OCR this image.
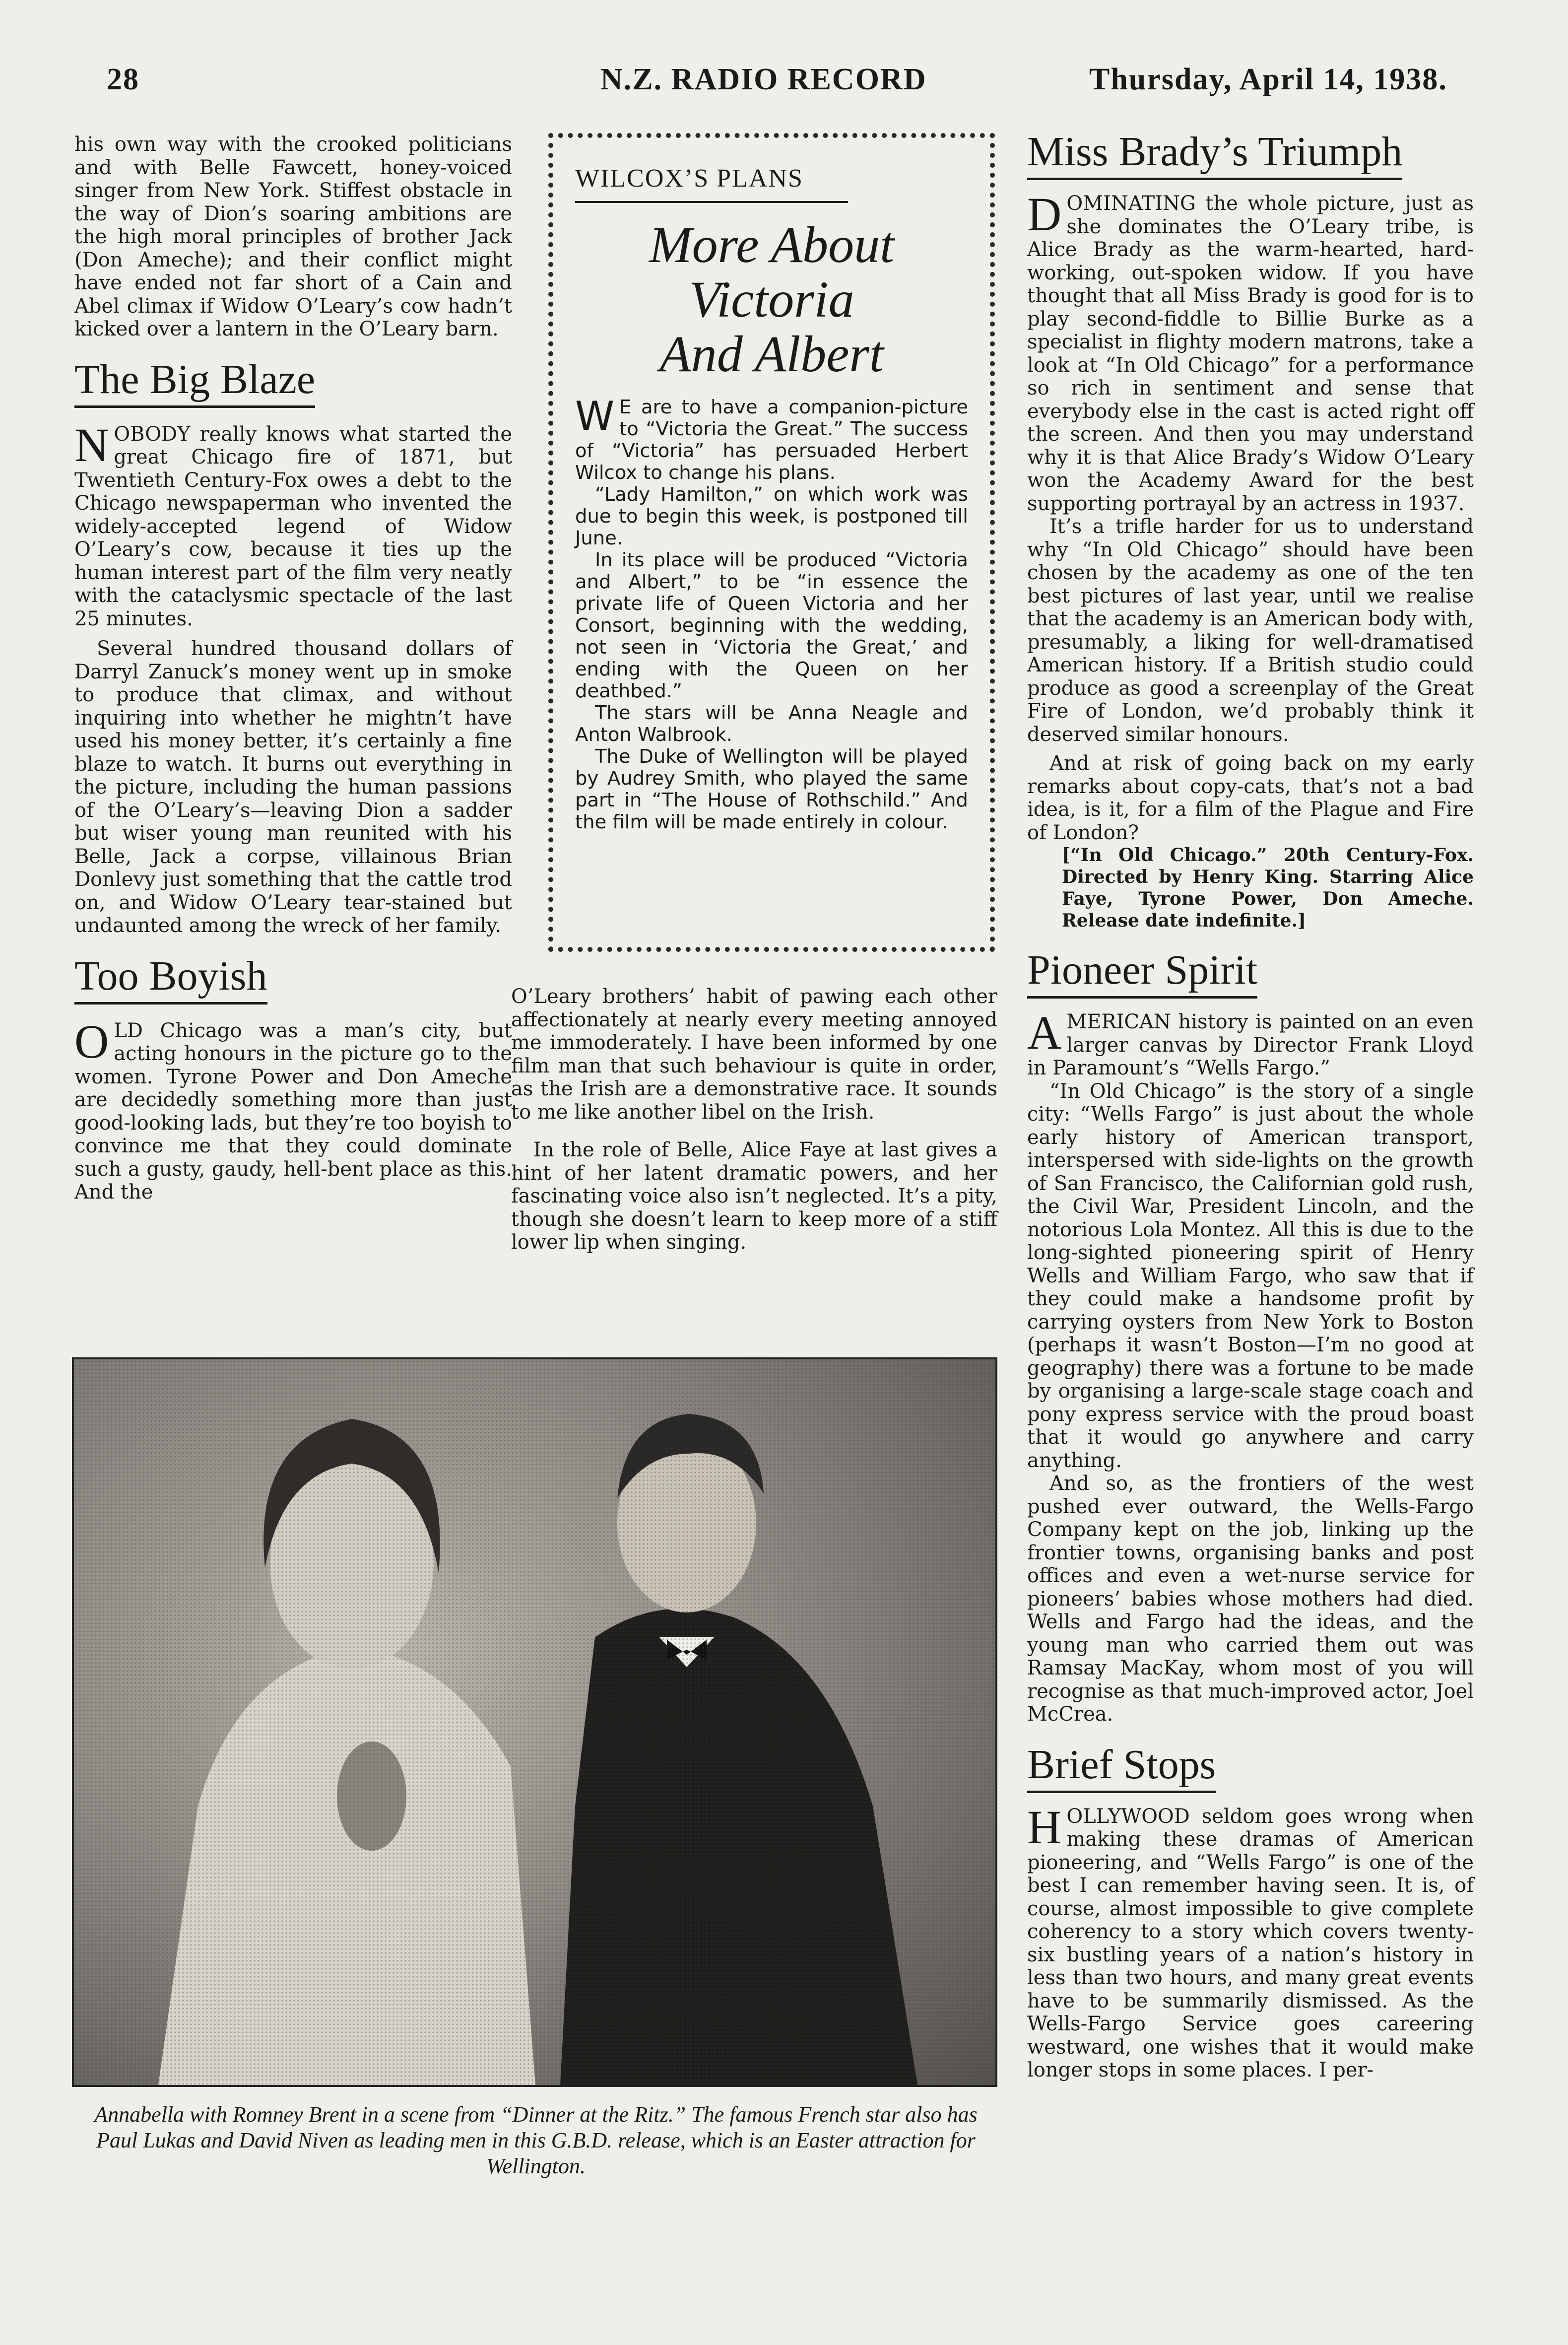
28	N.Z. RADIO RECORD	Thursday, April 14, 1938.

his own way with the crooked politicians and with Belle Fawcett, honey-voiced singer from New York. Stiffest obstacle in the way of Dion’s soaring ambitions are the high moral principles of brother Jack (Don Ameche); and their conflict might have ended not far short of a Cain and Abel climax if Widow O’Leary’s cow hadn’t kicked over a lantern in the O’Leary barn.

The Big Blaze

NOBODY really knows what started the great Chicago fire of 1871, but Twentieth Century-Fox owes a debt to the Chicago newspaperman who invented the widely-accepted legend of Widow O’Leary’s cow, because it ties up the human interest part of the film very neatly with the cataclysmic spectacle of the last 25 minutes.

Several hundred thousand dollars of Darryl Zanuck’s money went up in smoke to produce that climax, and without inquiring into whether he mightn’t have used his money better, it’s certainly a fine blaze to watch. It burns out everything in the picture, including the human passions of the O’Leary’s—leaving Dion a sadder but wiser young man reunited with his Belle, Jack a corpse, villainous Brian Donlevy just something that the cattle trod on, and Widow O’Leary tear-stained but undaunted among the wreck of her family.

Too Boyish

OLD Chicago was a man’s city, but acting honours in the picture go to the women. Tyrone Power and Don Ameche are decidedly something more than just good-looking lads, but they’re too boyish to convince me that they could dominate such a gusty, gaudy, hell-bent place as this. And the

WILCOX’S PLANS
More About Victoria
And Albert

W E are to have a companion-picture to “Victoria the Great.” The success of “Victoria” has persuaded Herbert Wilcox to change his plans.

“Lady Hamilton,” on which work was due to begin this week, is postponed till June.

In its place will be produced “Victoria and Albert,” to be “in essence the private life of Queen Victoria and her Consort, beginning with the wedding, not seen in ‘Victoria the Great,’ and ending with the Queen on her deathbed.”

The stars will be Anna Neagle and Anton Walbrook.

The Duke of Wellington will be played by Audrey Smith, who played the same part in “The House of Rothschild.” And the film will be made entirely in colour.

O’Leary brothers’ habit of pawing each other affectionately at nearly every meeting annoyed me immoderately. I have been informed by one film man that such behaviour is quite in order, as the Irish are a demonstrative race. It sounds to me like another libel on the Irish.

In the role of Belle, Alice Faye at last gives a hint of her latent dramatic powers, and her fascinating voice also isn’t neglected. It’s a pity, though she doesn’t learn to keep more of a stiff lower lip when singing.

Annabella with Romney Brent in a scene from “Dinner at the Ritz.” The famous French star also has Paul Lukas and David Niven as leading men in this G.B.D. release, which is an Easter attraction for Wellington.
Miss Brady’s Triumph

DOMINATING the whole picture, just as she dominates the O’Leary tribe, is Alice Brady as the warm-hearted, hard-working, out-spoken widow. If you have thought that all Miss Brady is good for is to play second-fiddle to Billie Burke as a specialist in flighty modern matrons, take a look at “In Old Chicago” for a performance so rich in sentiment and sense that everybody else in the cast is acted right off the screen. And then you may understand why it is that Alice Brady’s Widow O’Leary won the Academy Award for the best supporting portrayal by an actress in 1937.

It’s a trifle harder for us to understand why “In Old Chicago” should have been chosen by the academy as one of the ten best pictures of last year, until we realise that the academy is an American body with, presumably, a liking for well-dramatised American history. If a British studio could produce as good a screenplay of the Great Fire of London, we’d probably think it deserved similar honours.

And at risk of going back on my early remarks about copy-cats, that’s not a bad idea, is it, for a film of the Plague and Fire of London?

[“In Old Chicago.” 20th Century-Fox. Directed by Henry King. Starring Alice Faye, Tyrone Power, Don Ameche. Release date indefinite.]

Pioneer Spirit

AMERICAN history is painted on an even larger canvas by Director Frank Lloyd in Paramount’s “Wells Fargo.”

“In Old Chicago” is the story of a single city: “Wells Fargo” is just about the whole early history of American transport, interspersed with side-lights on the growth of San Francisco, the Californian gold rush, the Civil War, President Lincoln, and the notorious Lola Montez. All this is due to the long-sighted pioneering spirit of Henry Wells and William Fargo, who saw that if they could make a handsome profit by carrying oysters from New York to Boston (perhaps it wasn’t Boston—I’m no good at geography) there was a fortune to be made by organising a large-scale stage coach and pony express service with the proud boast that it would go anywhere and carry anything.

And so, as the frontiers of the west pushed ever outward, the Wells-Fargo Company kept on the job, linking up the frontier towns, organising banks and post offices and even a wet-nurse service for pioneers’ babies whose mothers had died. Wells and Fargo had the ideas, and the young man who carried them out was Ramsay MacKay, whom most of you will recognise as that much-improved actor, Joel McCrea.

Brief Stops

HOLLYWOOD seldom goes wrong when making these dramas of American pioneering, and “Wells Fargo” is one of the best I can remember having seen. It is, of course, almost impossible to give complete coherency to a story which covers twenty-six bustling years of a nation’s history in less than two hours, and many great events have to be summarily dismissed. As the Wells-Fargo Service goes careering westward, one wishes that it would make longer stops in some places. I per-
